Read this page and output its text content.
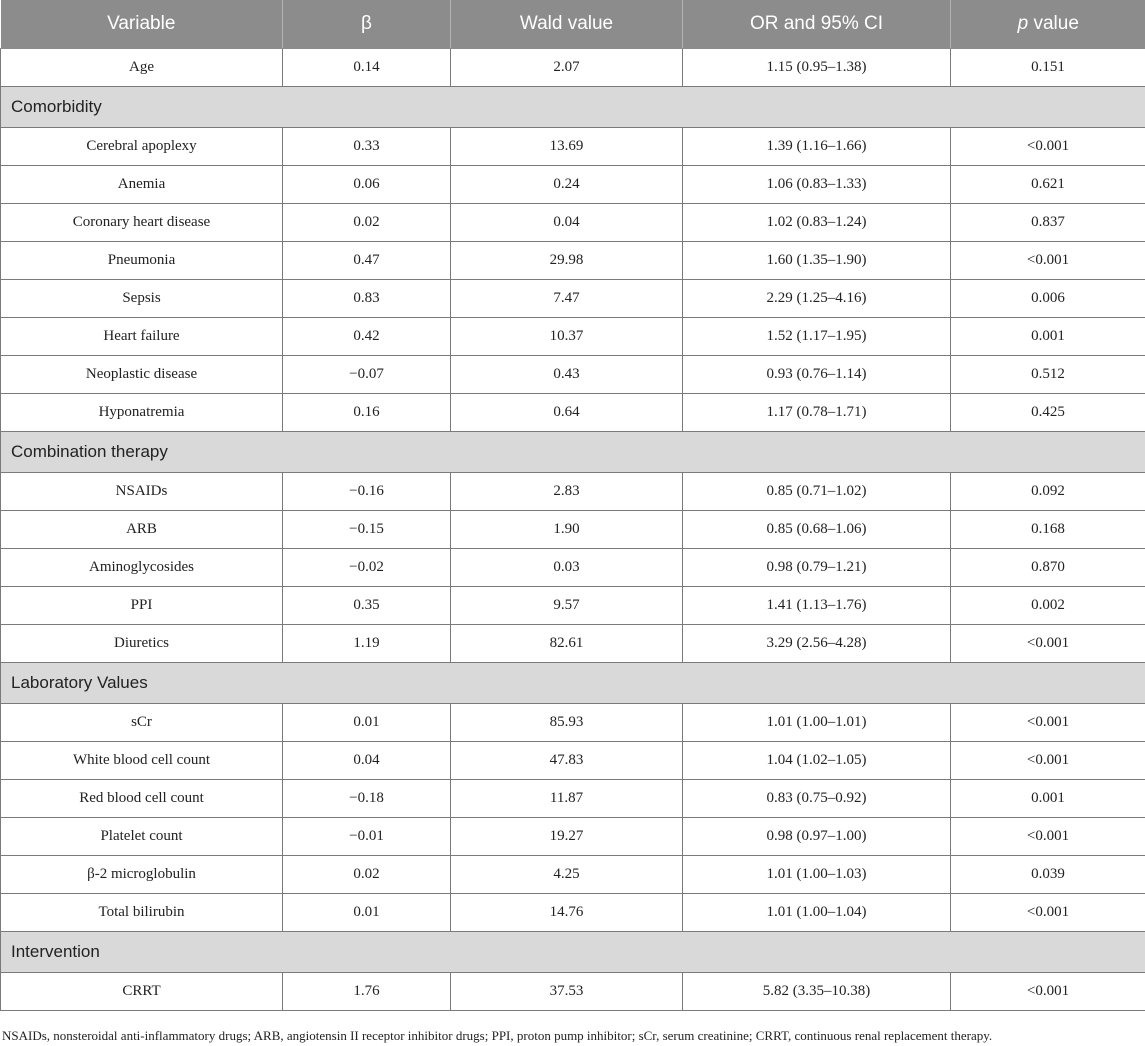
Variable	β	Wald value	OR and 95% CI	p value
Age	0.14	2.07	1.15 (0.95–1.38)	0.151
Comorbidity				
Cerebral apoplexy	0.33	13.69	1.39 (1.16–1.66)	<0.001
Anemia	0.06	0.24	1.06 (0.83–1.33)	0.621
Coronary heart disease	0.02	0.04	1.02 (0.83–1.24)	0.837
Pneumonia	0.47	29.98	1.60 (1.35–1.90)	<0.001
Sepsis	0.83	7.47	2.29 (1.25–4.16)	0.006
Heart failure	0.42	10.37	1.52 (1.17–1.95)	0.001
Neoplastic disease	−0.07	0.43	0.93 (0.76–1.14)	0.512
Hyponatremia	0.16	0.64	1.17 (0.78–1.71)	0.425
Combination therapy				
NSAIDs	−0.16	2.83	0.85 (0.71–1.02)	0.092
ARB	−0.15	1.90	0.85 (0.68–1.06)	0.168
Aminoglycosides	−0.02	0.03	0.98 (0.79–1.21)	0.870
PPI	0.35	9.57	1.41 (1.13–1.76)	0.002
Diuretics	1.19	82.61	3.29 (2.56–4.28)	<0.001
Laboratory Values				
sCr	0.01	85.93	1.01 (1.00–1.01)	<0.001
White blood cell count	0.04	47.83	1.04 (1.02–1.05)	<0.001
Red blood cell count	−0.18	11.87	0.83 (0.75–0.92)	0.001
Platelet count	−0.01	19.27	0.98 (0.97–1.00)	<0.001
β-2 microglobulin	0.02	4.25	1.01 (1.00–1.03)	0.039
Total bilirubin	0.01	14.76	1.01 (1.00–1.04)	<0.001
Intervention				
CRRT	1.76	37.53	5.82 (3.35–10.38)	<0.001
NSAIDs, nonsteroidal anti-inflammatory drugs; ARB, angiotensin II receptor inhibitor drugs; PPI, proton pump inhibitor; sCr, serum creatinine; CRRT, continuous renal replacement therapy.
